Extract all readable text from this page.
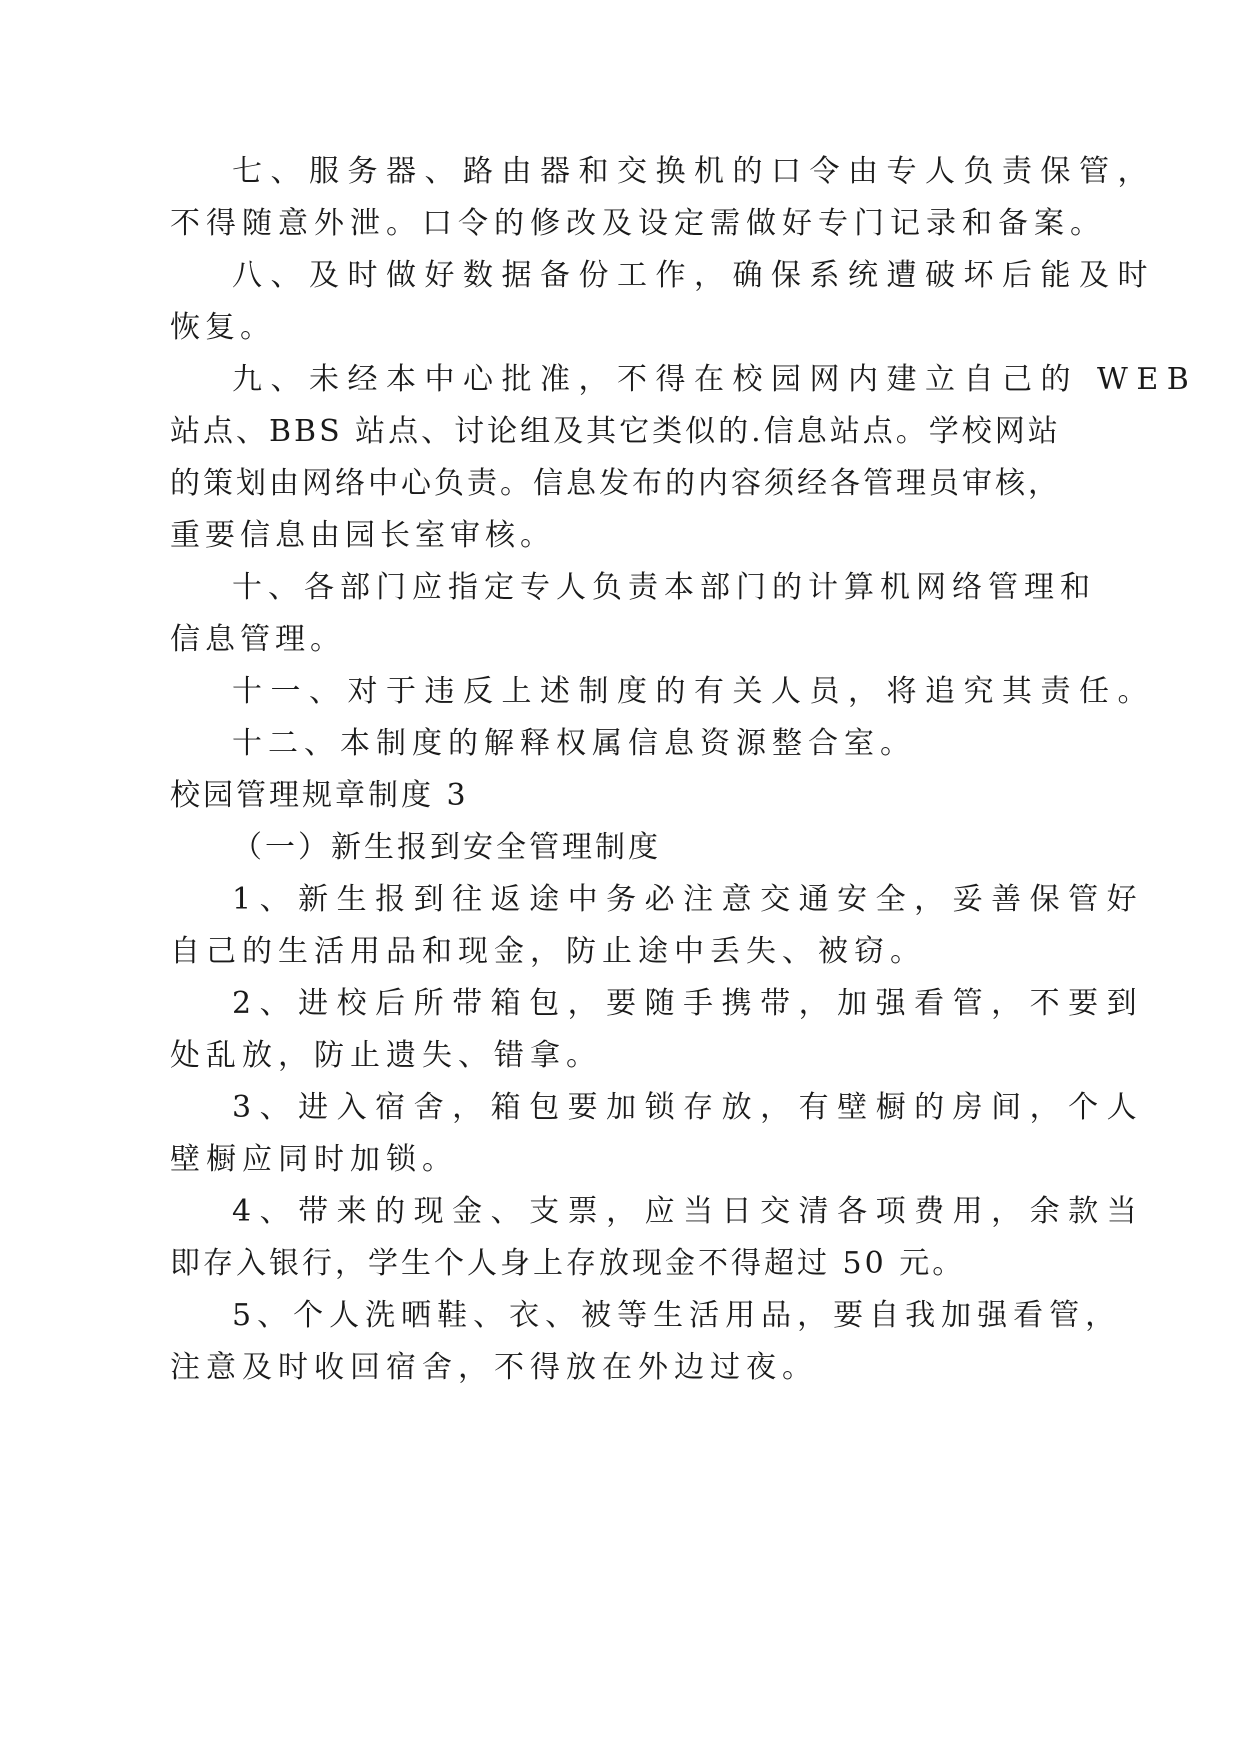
七、服务器、路由器和交换机的口令由专人负责保管，

不得随意外泄。口令的修改及设定需做好专门记录和备案。

八、及时做好数据备份工作，确保系统遭破坏后能及时

恢复。

九、未经本中心批准，不得在校园网内建立自己的 WEB

站点、BBS 站点、讨论组及其它类似的.信息站点。学校网站

的策划由网络中心负责。信息发布的内容须经各管理员审核，

重要信息由园长室审核。

十、各部门应指定专人负责本部门的计算机网络管理和

信息管理。

十一、对于违反上述制度的有关人员，将追究其责任。

十二、本制度的解释权属信息资源整合室。

校园管理规章制度 3

（一）新生报到安全管理制度

1、新生报到往返途中务必注意交通安全，妥善保管好

自己的生活用品和现金，防止途中丢失、被窃。

2、进校后所带箱包，要随手携带，加强看管，不要到

处乱放，防止遗失、错拿。

3、进入宿舍，箱包要加锁存放，有壁橱的房间，个人

壁橱应同时加锁。

4、带来的现金、支票，应当日交清各项费用，余款当

即存入银行，学生个人身上存放现金不得超过 50 元。

5、个人洗晒鞋、衣、被等生活用品，要自我加强看管，

注意及时收回宿舍，不得放在外边过夜。
